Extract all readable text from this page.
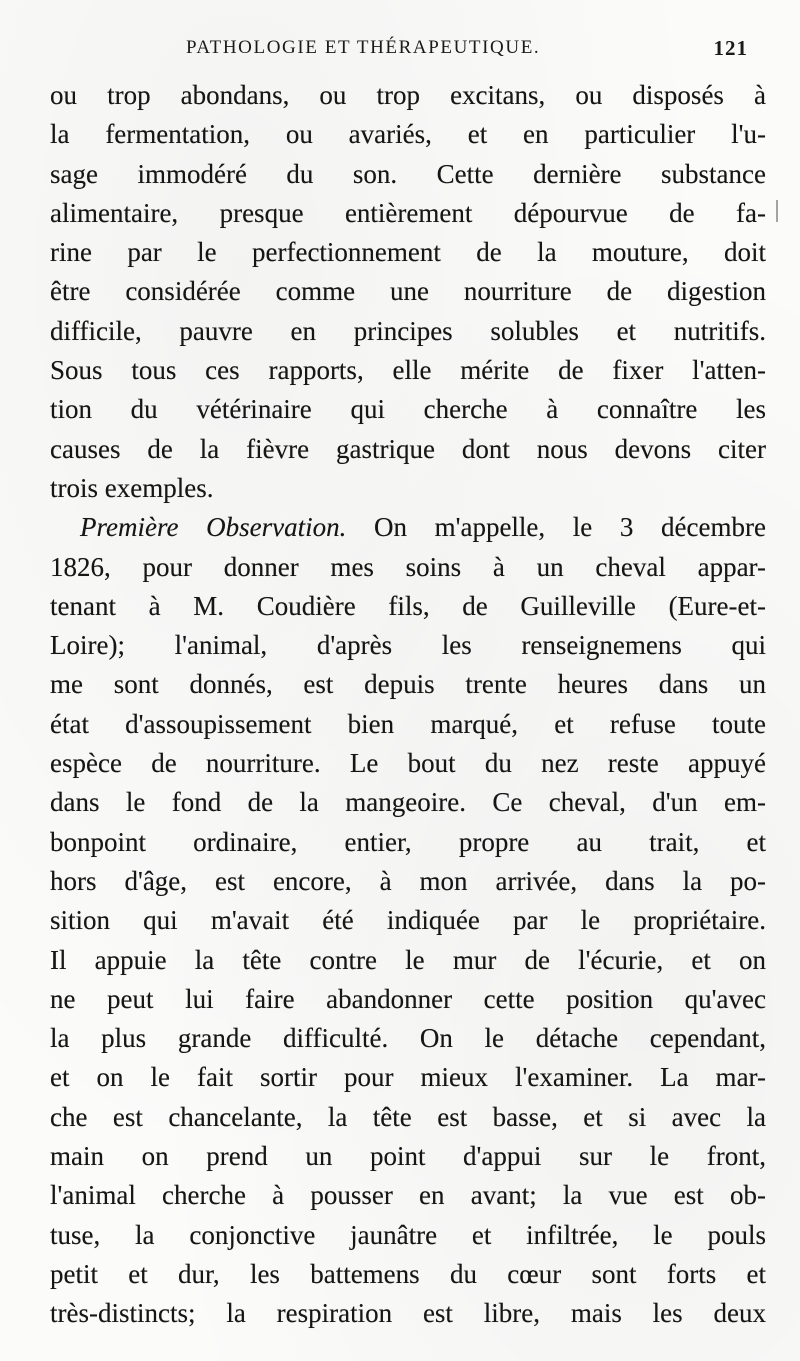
PATHOLOGIE ET THÉRAPEUTIQUE.	121
ou trop abondans, ou trop excitans, ou disposés à
la fermentation, ou avariés, et en particulier l'u-
sage immodéré du son. Cette dernière substance
alimentaire, presque entièrement dépourvue de fa-
rine par le perfectionnement de la mouture, doit
être considérée comme une nourriture de digestion
difficile, pauvre en principes solubles et nutritifs.
Sous tous ces rapports, elle mérite de fixer l'atten-
tion du vétérinaire qui cherche à connaître les
causes de la fièvre gastrique dont nous devons citer
trois exemples.
Première Observation. On m'appelle, le 3 décembre
1826, pour donner mes soins à un cheval appar-
tenant à M. Coudière fils, de Guilleville (Eure-et-
Loire); l'animal, d'après les renseignemens qui
me sont donnés, est depuis trente heures dans un
état d'assoupissement bien marqué, et refuse toute
espèce de nourriture. Le bout du nez reste appuyé
dans le fond de la mangeoire. Ce cheval, d'un em-
bonpoint ordinaire, entier, propre au trait, et
hors d'âge, est encore, à mon arrivée, dans la po-
sition qui m'avait été indiquée par le propriétaire.
Il appuie la tête contre le mur de l'écurie, et on
ne peut lui faire abandonner cette position qu'avec
la plus grande difficulté. On le détache cependant,
et on le fait sortir pour mieux l'examiner. La mar-
che est chancelante, la tête est basse, et si avec la
main on prend un point d'appui sur le front,
l'animal cherche à pousser en avant; la vue est ob-
tuse, la conjonctive jaunâtre et infiltrée, le pouls
petit et dur, les battemens du cœur sont forts et
très-distincts; la respiration est libre, mais les deux
